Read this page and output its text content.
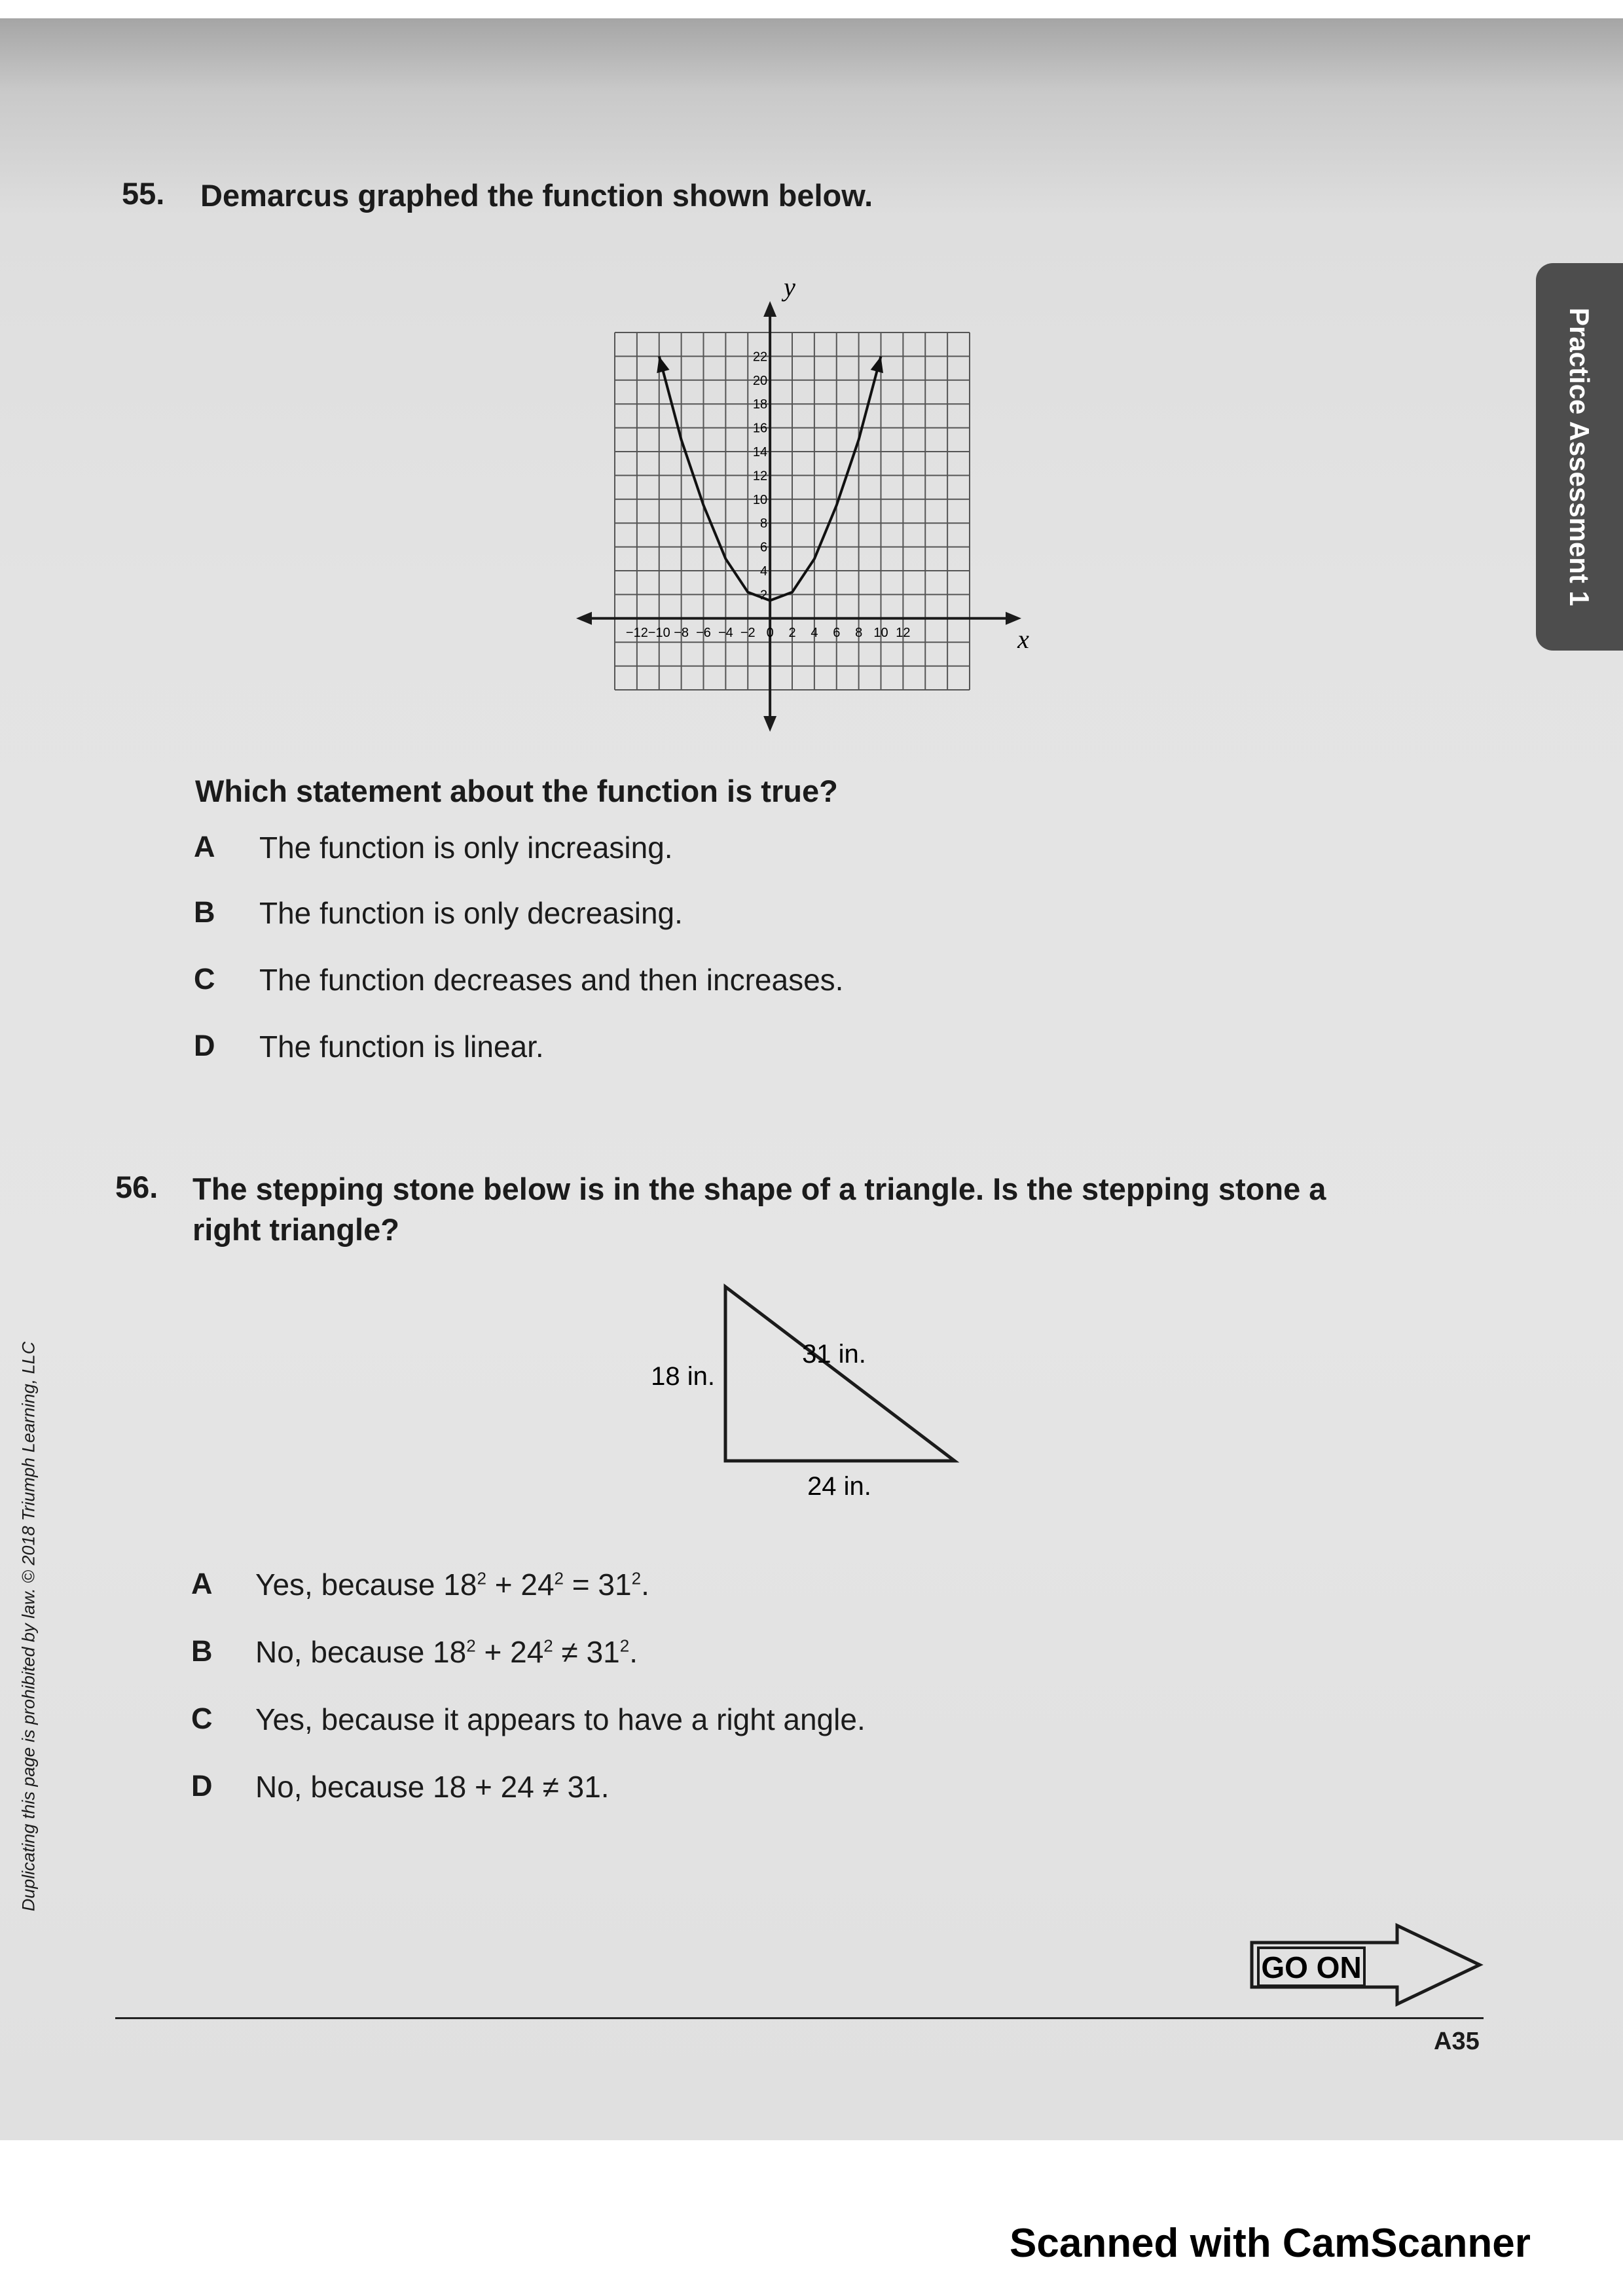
Practice Assessment 1
Duplicating this page is prohibited by law. © 2018 Triumph Learning, LLC
55. Demarcus graphed the function shown below.
−12 −10 −8 −6 −4 −2 0 2 4 6 8 10 12
2
4
6
8
10
12
14
16
18
20
22
y
x
Which statement about the function is true?
A The function is only increasing.
B The function is only decreasing.
C The function decreases and then increases.
D The function is linear.
56. The stepping stone below is in the shape of a triangle. Is the stepping stone a
right triangle?
18 in.
31 in.
24 in.
A Yes, because $18^2 + 24^2 = 31^2$.
B No, because $18^2 + 24^2 \ne 31^2$.
C Yes, because it appears to have a right angle.
D No, because 18 + 24 ≠ 31.
GO ON
A35
Scanned with CamScanner
